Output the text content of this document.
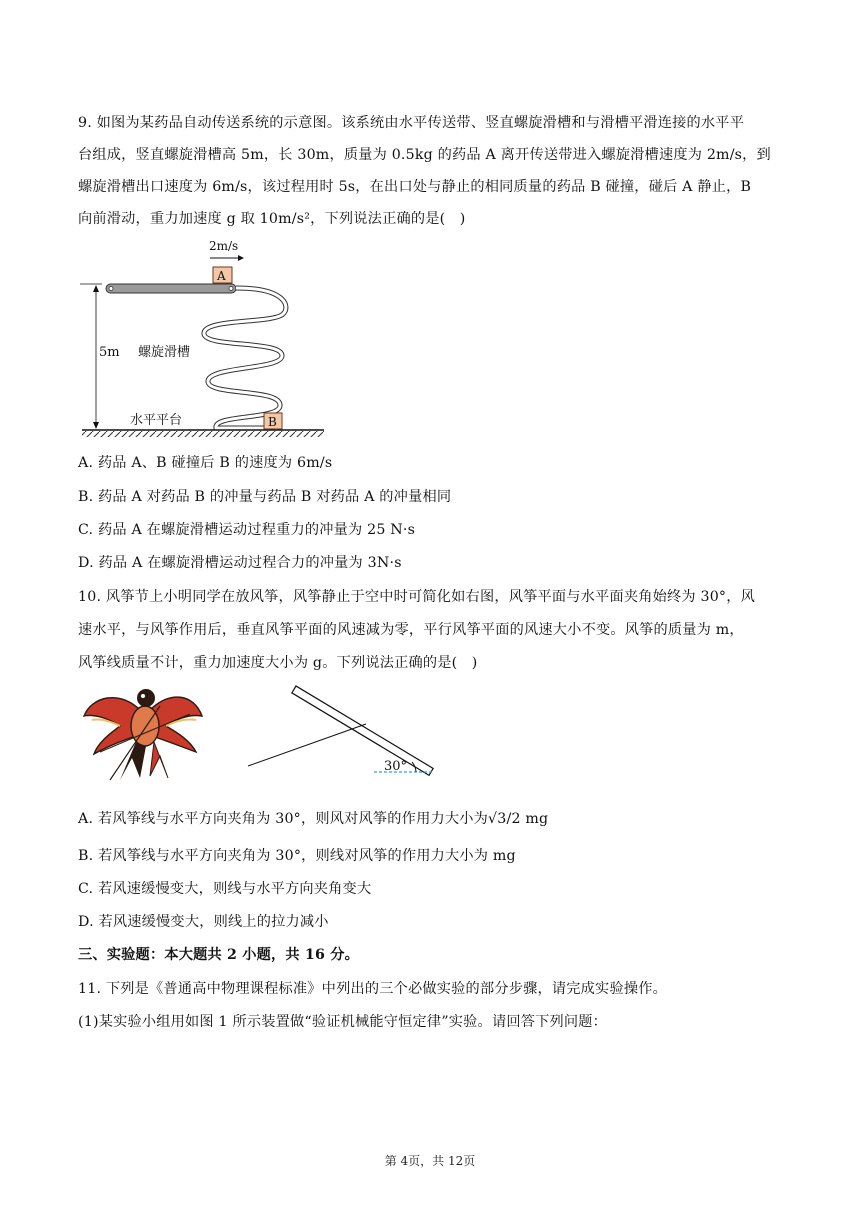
9. 如图为某药品自动传送系统的示意图。该系统由水平传送带、竖直螺旋滑槽和与滑槽平滑连接的水平平
台组成，竖直螺旋滑槽高 5m，长 30m，质量为 0.5kg 的药品 A 离开传送带进入螺旋滑槽速度为 2m/s，到
螺旋滑槽出口速度为 6m/s，该过程用时 5s，在出口处与静止的相同质量的药品 B 碰撞，碰后 A 静止，B
向前滑动，重力加速度 g 取 10m/s²，下列说法正确的是(　)
2m/s
A
5m 螺旋滑槽
水平平台	B
A. 药品 A、B 碰撞后 B 的速度为 6m/s
B. 药品 A 对药品 B 的冲量与药品 B 对药品 A 的冲量相同
C. 药品 A 在螺旋滑槽运动过程重力的冲量为 25 N·s
D. 药品 A 在螺旋滑槽运动过程合力的冲量为 3N·s
10. 风筝节上小明同学在放风筝，风筝静止于空中时可简化如右图，风筝平面与水平面夹角始终为 30°，风
速水平，与风筝作用后，垂直风筝平面的风速减为零，平行风筝平面的风速大小不变。风筝的质量为 m，
风筝线质量不计，重力加速度大小为 g。下列说法正确的是(　)
30°
A. 若风筝线与水平方向夹角为 30°，则风对风筝的作用力大小为√3/2 mg
B. 若风筝线与水平方向夹角为 30°，则线对风筝的作用力大小为 mg
C. 若风速缓慢变大，则线与水平方向夹角变大
D. 若风速缓慢变大，则线上的拉力减小
三、实验题：本大题共 2 小题，共 16 分。
11. 下列是《普通高中物理课程标准》中列出的三个必做实验的部分步骤，请完成实验操作。
(1)某实验小组用如图 1 所示装置做“验证机械能守恒定律”实验。请回答下列问题：
第 4页，共 12页
